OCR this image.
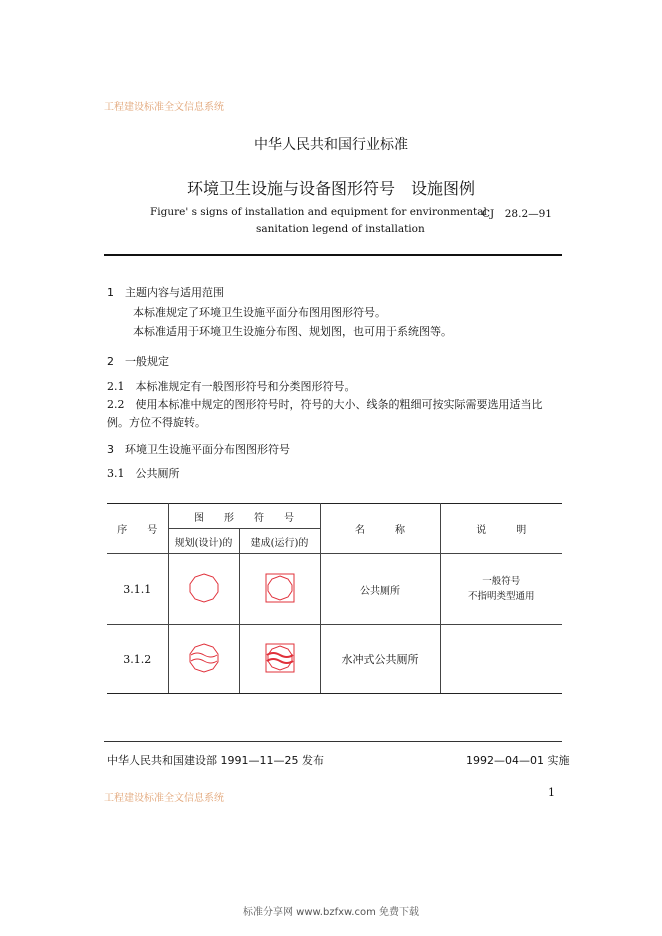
工程建设标准全文信息系统
中华人民共和国行业标准
环境卫生设施与设备图形符号　设施图例
Figure' s signs of installation and equipment for environmental
CJ　28.2—91
sanitation legend of installation
1　主题内容与适用范围
本标准规定了环境卫生设施平面分布图用图形符号。
本标准适用于环境卫生设施分布图、规划图，也可用于系统图等。
2　一般规定
2.1　本标准规定有一般图形符号和分类图形符号。
2.2　使用本标准中规定的图形符号时，符号的大小、线条的粗细可按实际需要选用适当比
例。方位不得旋转。
3　环境卫生设施平面分布图图形符号
3.1　公共厕所
序　　号	图　　形　　符　　号		名　　　称	说　　　明
	规划(设计)的	建成(运行)的		
3.1.1			公共厕所	一般符号
不指明类型通用

3.1.2			水冲式公共厕所	
中华人民共和国建设部 1991—11—25 发布	1992—04—01 实施
工程建设标准全文信息系统	1
标准分享网 www.bzfxw.com 免费下载
